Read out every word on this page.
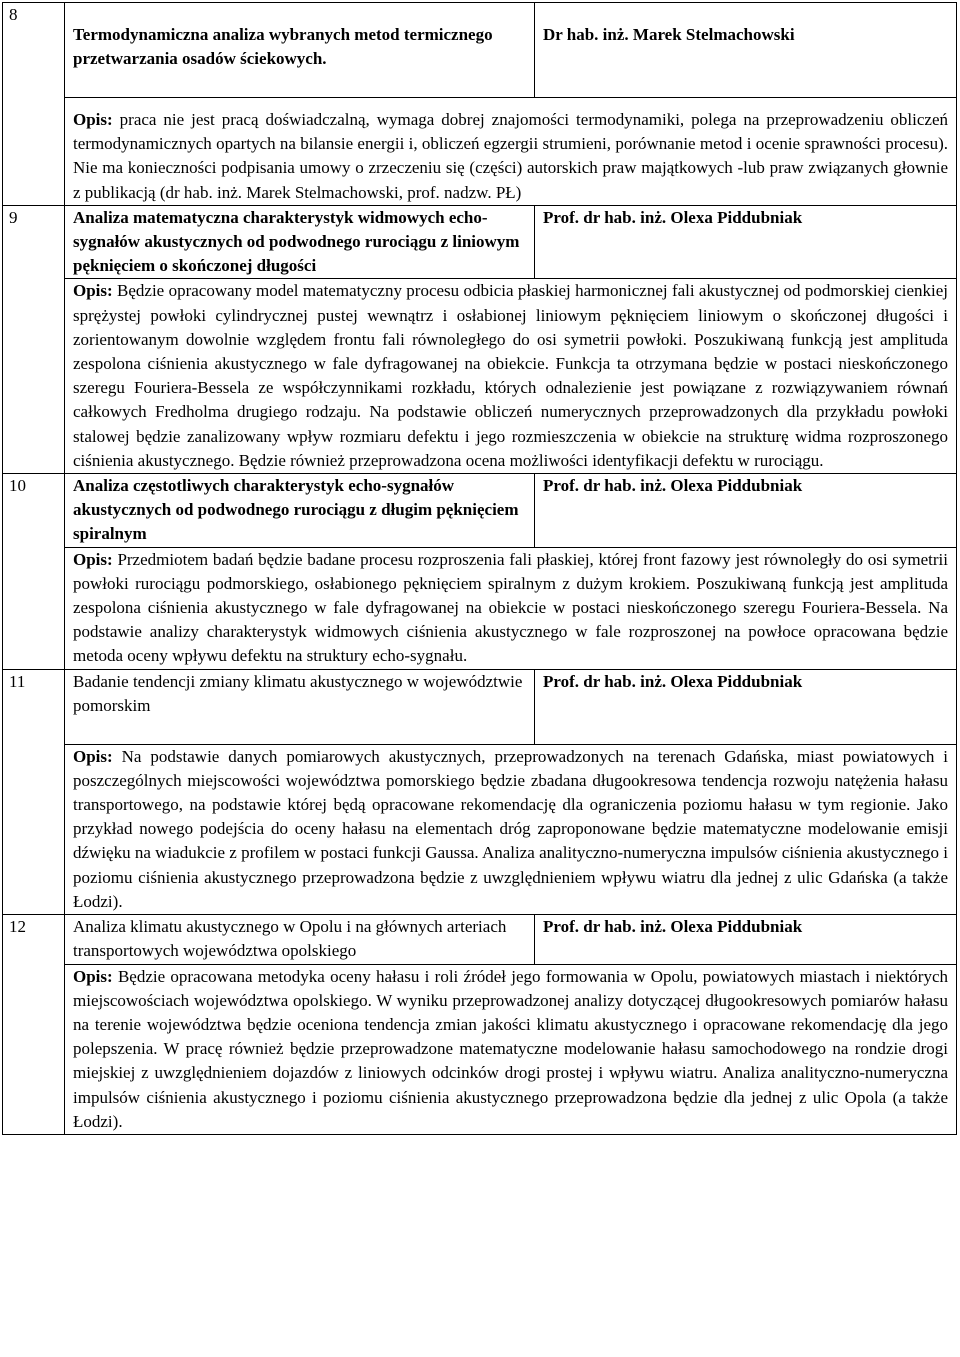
8	Termodynamiczna analiza wybranych metod termicznego przetwarzania osadów ściekowych.	Dr hab. inż. Marek Stelmachowski
	Opis: praca nie jest pracą doświadczalną, wymaga dobrej znajomości termodynamiki, polega na przeprowadzeniu obliczeń termodynamicznych opartych na bilansie energii i, obliczeń egzergii strumieni, porównanie metod i ocenie sprawności procesu). Nie ma konieczności podpisania umowy o zrzeczeniu się (części) autorskich praw majątkowych -lub praw związanych głownie z publikacją (dr hab. inż. Marek Stelmachowski, prof. nadzw. PŁ)	
9	Analiza matematyczna charakterystyk widmowych echo-sygnałów akustycznych od podwodnego rurociągu z liniowym pęknięciem o skończonej długości	Prof. dr hab. inż. Olexa Piddubniak
	Opis: Będzie opracowany model matematyczny procesu odbicia płaskiej harmonicznej fali akustycznej od podmorskiej cienkiej sprężystej powłoki cylindrycznej pustej wewnątrz i osłabionej liniowym pęknięciem liniowym o skończonej długości i zorientowanym dowolnie względem frontu fali równoległego do osi symetrii powłoki. Poszukiwaną funkcją jest amplituda zespolona ciśnienia akustycznego w fale dyfragowanej na obiekcie. Funkcja ta otrzymana będzie w postaci nieskończonego szeregu Fouriera-Bessela ze współczynnikami rozkładu, których odnalezienie jest powiązane z rozwiązywaniem równań całkowych Fredholma drugiego rodzaju. Na podstawie obliczeń numerycznych przeprowadzonych dla przykładu powłoki stalowej będzie zanalizowany wpływ rozmiaru defektu i jego rozmieszczenia w obiekcie na strukturę widma rozproszonego ciśnienia akustycznego. Będzie również przeprowadzona ocena możliwości identyfikacji defektu w rurociągu.	
10	Analiza częstotliwych charakterystyk echo-sygnałów akustycznych od podwodnego rurociągu z długim pęknięciem spiralnym	Prof. dr hab. inż. Olexa Piddubniak
	Opis: Przedmiotem badań będzie badane procesu rozproszenia fali płaskiej, której front fazowy jest równoległy do osi symetrii powłoki rurociągu podmorskiego, osłabionego pęknięciem spiralnym z dużym krokiem. Poszukiwaną funkcją jest amplituda zespolona ciśnienia akustycznego w fale dyfragowanej na obiekcie w postaci nieskończonego szeregu Fouriera-Bessela. Na podstawie analizy charakterystyk widmowych ciśnienia akustycznego w fale rozproszonej na powłoce opracowana będzie metoda oceny wpływu defektu na struktury echo-sygnału.	
11	Badanie tendencji zmiany klimatu akustycznego w województwie pomorskim	Prof. dr hab. inż. Olexa Piddubniak
	Opis: Na podstawie danych pomiarowych akustycznych, przeprowadzonych na terenach Gdańska, miast powiatowych i poszczególnych miejscowości województwa pomorskiego będzie zbadana długookresowa tendencja rozwoju natężenia hałasu transportowego, na podstawie której będą opracowane rekomendację dla ograniczenia poziomu hałasu w tym regionie. Jako przykład nowego podejścia do oceny hałasu na elementach dróg zaproponowane będzie matematyczne modelowanie emisji dźwięku na wiadukcie z profilem w postaci funkcji Gaussa. Analiza analityczno-numeryczna impulsów ciśnienia akustycznego i poziomu ciśnienia akustycznego przeprowadzona będzie z uwzględnieniem wpływu wiatru dla jednej z ulic Gdańska (a także Łodzi).	
12	Analiza klimatu akustycznego w Opolu i na głównych arteriach transportowych województwa opolskiego	Prof. dr hab. inż. Olexa Piddubniak
	Opis: Będzie opracowana metodyka oceny hałasu i roli źródeł jego formowania w Opolu, powiatowych miastach i niektórych miejscowościach województwa opolskiego. W wyniku przeprowadzonej analizy dotyczącej długookresowych pomiarów hałasu na terenie województwa będzie oceniona tendencja zmian jakości klimatu akustycznego i opracowane rekomendację dla jego polepszenia. W pracę również będzie przeprowadzone matematyczne modelowanie hałasu samochodowego na rondzie drogi miejskiej z uwzględnieniem dojazdów z liniowych odcinków drogi prostej i wpływu wiatru. Analiza analityczno-numeryczna impulsów ciśnienia akustycznego i poziomu ciśnienia akustycznego przeprowadzona będzie dla jednej z ulic Opola (a także Łodzi).	
